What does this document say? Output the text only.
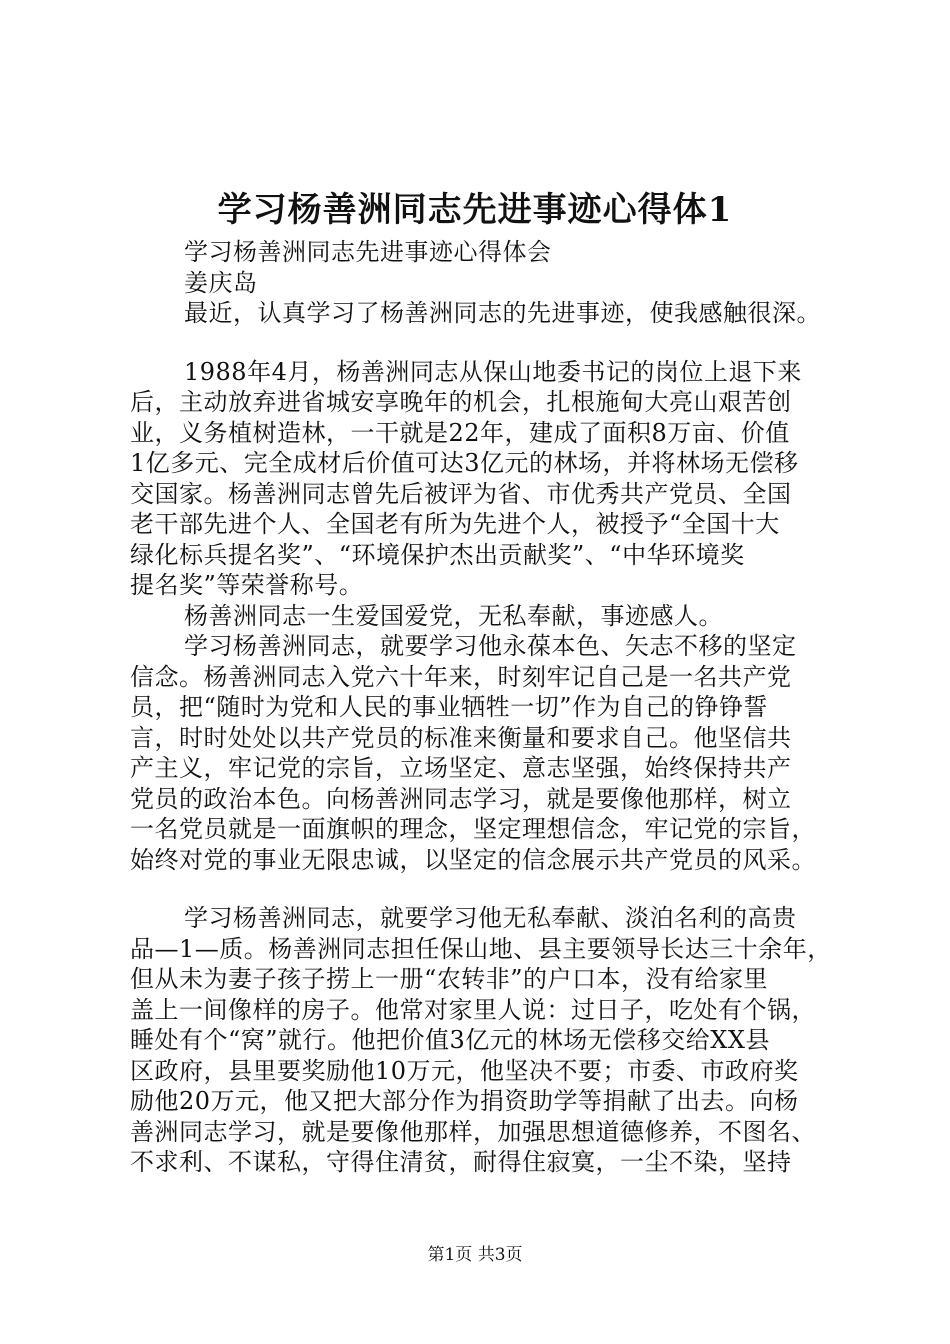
学习杨善洲同志先进事迹心得体1
学习杨善洲同志先进事迹心得体会
姜庆岛
最近，认真学习了杨善洲同志的先进事迹，使我感触很深。
1988年4月，杨善洲同志从保山地委书记的岗位上退下来
后，主动放弃进省城安享晚年的机会，扎根施甸大亮山艰苦创
业，义务植树造林，一干就是22年，建成了面积8万亩、价值
1亿多元、完全成材后价值可达3亿元的林场，并将林场无偿移
交国家。杨善洲同志曾先后被评为省、市优秀共产党员、全国
老干部先进个人、全国老有所为先进个人，被授予“全国十大
绿化标兵提名奖”、“环境保护杰出贡献奖”、“中华环境奖
提名奖”等荣誉称号。
杨善洲同志一生爱国爱党，无私奉献，事迹感人。
学习杨善洲同志，就要学习他永葆本色、矢志不移的坚定
信念。杨善洲同志入党六十年来，时刻牢记自己是一名共产党
员，把“随时为党和人民的事业牺牲一切”作为自己的铮铮誓
言，时时处处以共产党员的标准来衡量和要求自己。他坚信共
产主义，牢记党的宗旨，立场坚定、意志坚强，始终保持共产
党员的政治本色。向杨善洲同志学习，就是要像他那样，树立
一名党员就是一面旗帜的理念，坚定理想信念，牢记党的宗旨，
始终对党的事业无限忠诚，以坚定的信念展示共产党员的风采。
学习杨善洲同志，就要学习他无私奉献、淡泊名利的高贵
品—1—质。杨善洲同志担任保山地、县主要领导长达三十余年，
但从未为妻子孩子捞上一册“农转非”的户口本，没有给家里
盖上一间像样的房子。他常对家里人说：过日子，吃处有个锅，
睡处有个“窝”就行。他把价值3亿元的林场无偿移交给XX县
区政府，县里要奖励他10万元，他坚决不要；市委、市政府奖
励他20万元，他又把大部分作为捐资助学等捐献了出去。向杨
善洲同志学习，就是要像他那样，加强思想道德修养，不图名、
不求利、不谋私，守得住清贫，耐得住寂寞，一尘不染，坚持
第1页 共3页
